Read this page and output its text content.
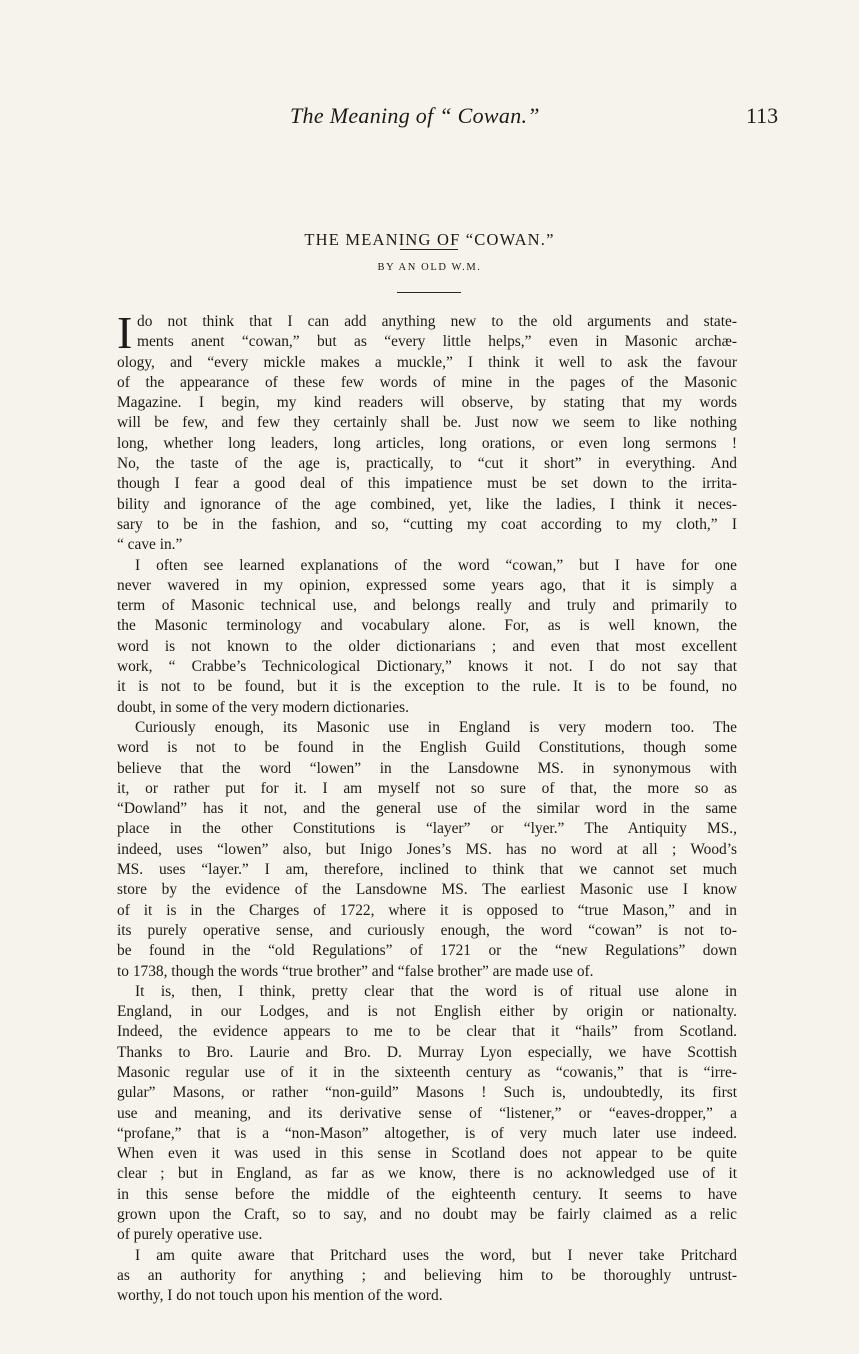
The Meaning of “ Cowan.”	113
THE MEANING OF “COWAN.”
BY AN OLD W.M.
I do not think that I can add anything new to the old arguments and state-
ments anent “cowan,” but as “every little helps,” even in Masonic archæ-
ology, and “every mickle makes a muckle,” I think it well to ask the favour
of the appearance of these few words of mine in the pages of the Masonic
Magazine. I begin, my kind readers will observe, by stating that my words
will be few, and few they certainly shall be. Just now we seem to like nothing
long, whether long leaders, long articles, long orations, or even long sermons !
No, the taste of the age is, practically, to “cut it short” in everything. And
though I fear a good deal of this impatience must be set down to the irrita-
bility and ignorance of the age combined, yet, like the ladies, I think it neces-
sary to be in the fashion, and so, “cutting my coat according to my cloth,” I
“ cave in.”
I often see learned explanations of the word “cowan,” but I have for one
never wavered in my opinion, expressed some years ago, that it is simply a
term of Masonic technical use, and belongs really and truly and primarily to
the Masonic terminology and vocabulary alone. For, as is well known, the
word is not known to the older dictionarians ; and even that most excellent
work, “ Crabbe’s Technicological Dictionary,” knows it not. I do not say that
it is not to be found, but it is the exception to the rule. It is to be found, no
doubt, in some of the very modern dictionaries.
Curiously enough, its Masonic use in England is very modern too. The
word is not to be found in the English Guild Constitutions, though some
believe that the word “lowen” in the Lansdowne MS. in synonymous with
it, or rather put for it. I am myself not so sure of that, the more so as
“Dowland” has it not, and the general use of the similar word in the same
place in the other Constitutions is “layer” or “lyer.” The Antiquity MS.,
indeed, uses “lowen” also, but Inigo Jones’s MS. has no word at all ; Wood’s
MS. uses “layer.” I am, therefore, inclined to think that we cannot set much
store by the evidence of the Lansdowne MS. The earliest Masonic use I know
of it is in the Charges of 1722, where it is opposed to “true Mason,” and in
its purely operative sense, and curiously enough, the word “cowan” is not to-
be found in the “old Regulations” of 1721 or the “new Regulations” down
to 1738, though the words “true brother” and “false brother” are made use of.
It is, then, I think, pretty clear that the word is of ritual use alone in
England, in our Lodges, and is not English either by origin or nationalty.
Indeed, the evidence appears to me to be clear that it “hails” from Scotland.
Thanks to Bro. Laurie and Bro. D. Murray Lyon especially, we have Scottish
Masonic regular use of it in the sixteenth century as “cowanis,” that is “irre-
gular” Masons, or rather “non-guild” Masons ! Such is, undoubtedly, its first
use and meaning, and its derivative sense of “listener,” or “eaves-dropper,” a
“profane,” that is a “non-Mason” altogether, is of very much later use indeed.
When even it was used in this sense in Scotland does not appear to be quite
clear ; but in England, as far as we know, there is no acknowledged use of it
in this sense before the middle of the eighteenth century. It seems to have
grown upon the Craft, so to say, and no doubt may be fairly claimed as a relic
of purely operative use.
I am quite aware that Pritchard uses the word, but I never take Pritchard
as an authority for anything ; and believing him to be thoroughly untrust-
worthy, I do not touch upon his mention of the word.
